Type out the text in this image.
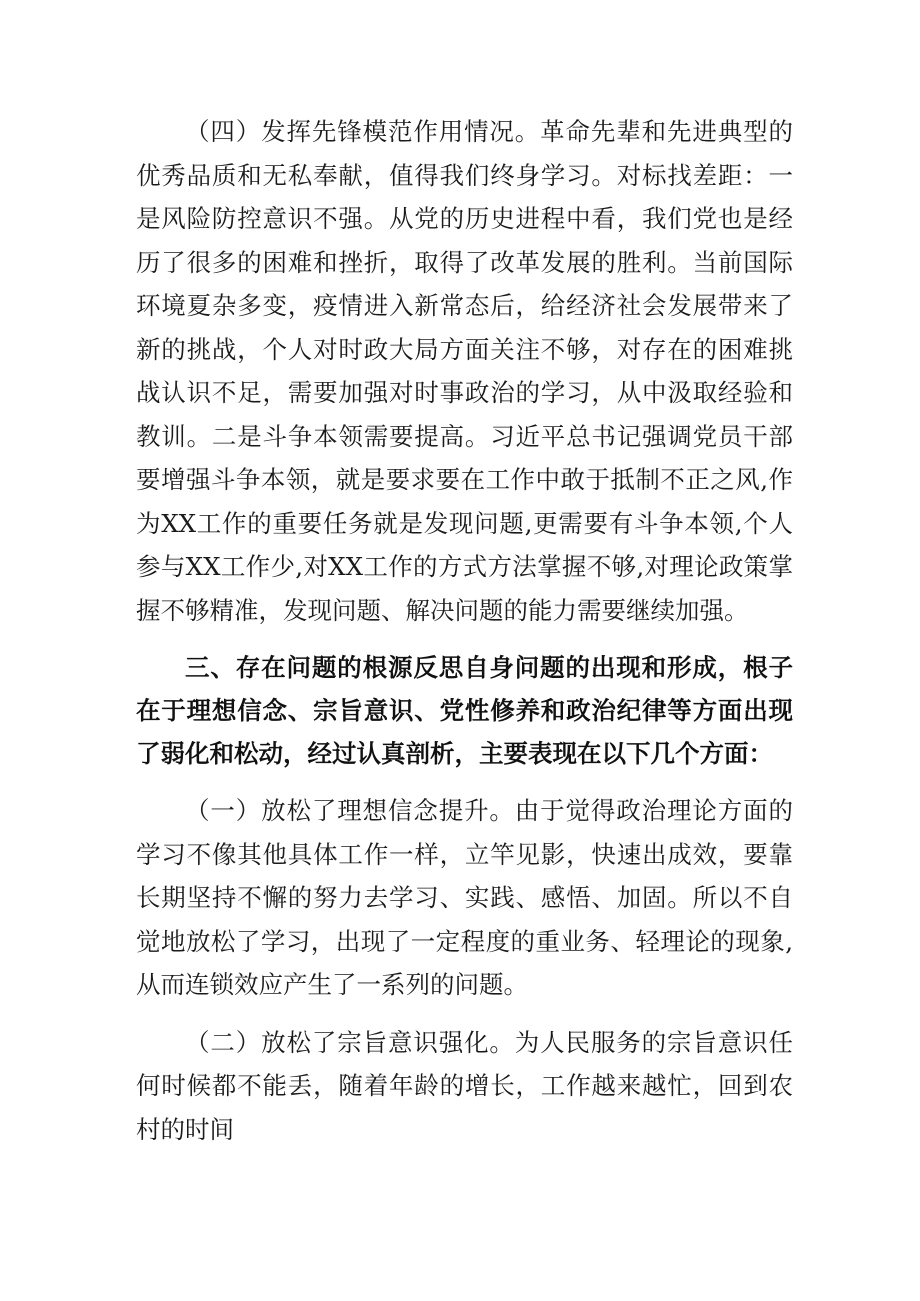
（四）发挥先锋模范作用情况。革命先辈和先进典型的优秀品质和无私奉献，值得我们终身学习。对标找差距：一是风险防控意识不强。从党的历史进程中看，我们党也是经历了很多的困难和挫折，取得了改革发展的胜利。当前国际环境夏杂多变，疫情进入新常态后，给经济社会发展带来了新的挑战，个人对时政大局方面关注不够，对存在的困难挑战认识不足，需要加强对时事政治的学习，从中汲取经验和教训。二是斗争本领需要提高。习近平总书记强调党员干部要增强斗争本领，就是要求要在工作中敢于抵制不正之风,作为XX工作的重要任务就是发现问题,更需要有斗争本领,个人参与XX工作少,对XX工作的方式方法掌握不够,对理论政策掌握不够精准，发现问题、解决问题的能力需要继续加强。

三、存在问题的根源反思自身问题的出现和形成，根子在于理想信念、宗旨意识、党性修养和政治纪律等方面出现了弱化和松动，经过认真剖析，主要表现在以下几个方面：

（一）放松了理想信念提升。由于觉得政治理论方面的学习不像其他具体工作一样，立竿见影，快速出成效，要靠长期坚持不懈的努力去学习、实践、感悟、加固。所以不自觉地放松了学习，出现了一定程度的重业务、轻理论的现象,从而连锁效应产生了一系列的问题。

（二）放松了宗旨意识强化。为人民服务的宗旨意识任何时候都不能丢，随着年龄的增长，工作越来越忙，回到农村的时间
